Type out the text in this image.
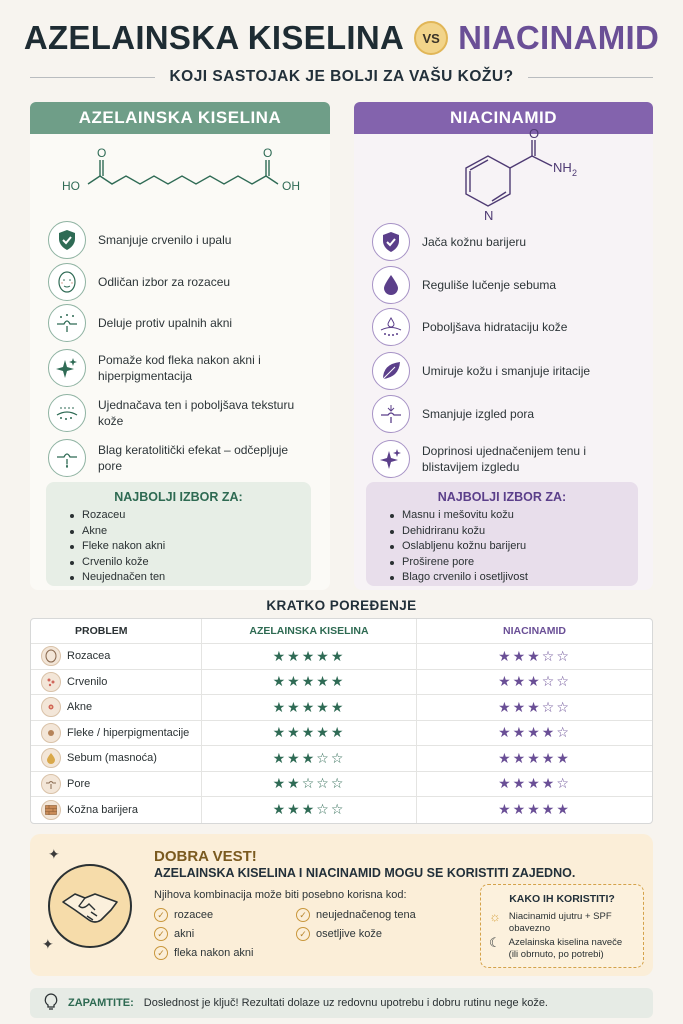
AZELAINSKA KISELINA	VS NIACINAMID
KOJI SASTOJAK JE BOLJI ZA VAŠU KOŽU?
AZELAINSKA KISELINA
HO	OH
O	O
Smanjuje crvenilo i upalu
Odličan izbor za rozaceu
Deluje protiv upalnih akni
Pomaže kod fleka nakon akni i hiperpigmentacija
Ujednačava ten i poboljšava teksturu kože
Blag keratolitički efekat – odčepljuje pore
NAJBOLJI IZBOR ZA:
Rozaceu
Akne
Fleke nakon akni
Crvenilo kože
Neujednačen ten
NIACINAMID
O
NH 2
N
Jača kožnu barijeru
Reguliše lučenje sebuma
Poboljšava hidrataciju kože
Umiruje kožu i smanjuje iritacije
Smanjuje izgled pora
Doprinosi ujednačenijem tenu i blistavijem izgledu
NAJBOLJI IZBOR ZA:
Masnu i mešovitu kožu
Dehidriranu kožu
Oslabljenu kožnu barijeru
Proširene pore
Blago crvenilo i osetljivost
KRATKO POREĐENJE
PROBLEM	AZELAINSKA KISELINA	NIACINAMID
Rozacea	★★★★★	★★★☆☆
Crvenilo	★★★★★	★★★☆☆
Akne	★★★★★	★★★☆☆
Fleke / hiperpigmentacije	★★★★★	★★★★☆
Sebum (masnoća)	★★★☆☆	★★★★★
Pore	★★☆☆☆	★★★★☆
Kožna barijera	★★★☆☆	★★★★★
✦
✦
DOBRA VEST!
AZELAINSKA KISELINA I NIACINAMID MOGU SE KORISTITI ZAJEDNO.
Njihova kombinacija može biti posebno korisna kod:
✓ rozacee	✓ neujednačenog tena
✓ akni	✓ osetljive kože
✓ fleka nakon akni
KAKO IH KORISTITI?
☼ Niacinamid ujutru + SPF obavezno
☾ Azelainska kiselina naveče (ili obrnuto, po potrebi)
ZAPAMTITE: Doslednost je ključ! Rezultati dolaze uz redovnu upotrebu i dobru rutinu nege kože.
